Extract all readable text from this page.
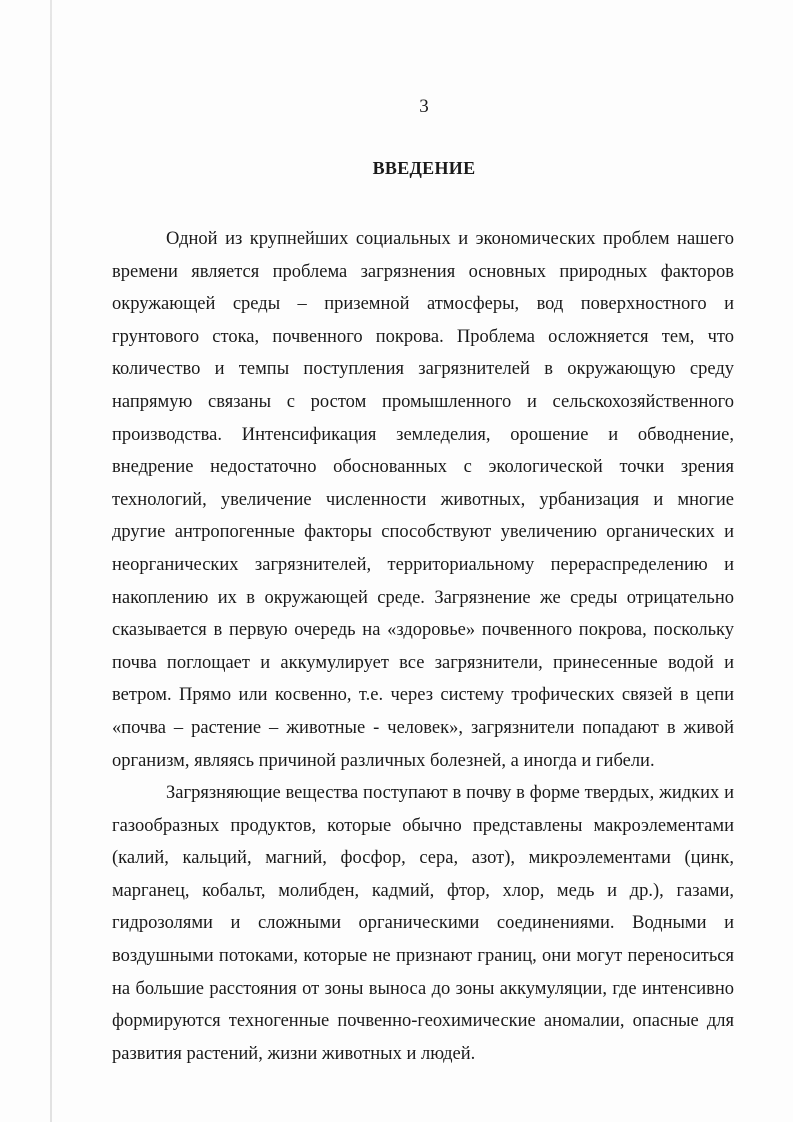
3
ВВЕДЕНИЕ

Одной из крупнейших социальных и экономических проблем нашего времени является проблема загрязнения основных природных факторов окружающей среды – приземной атмосферы, вод поверхностного и грунтового стока, почвенного покрова. Проблема осложняется тем, что количество и темпы поступления загрязнителей в окружающую среду напрямую связаны с ростом промышленного и сельскохозяйственного производства. Интенсификация земледелия, орошение и обводнение, внедрение недостаточно обоснованных с экологической точки зрения технологий, увеличение численности животных, урбанизация и многие другие антропогенные факторы способствуют увеличению органических и неорганических загрязнителей, территориальному перераспределению и накоплению их в окружающей среде. Загрязнение же среды отрицательно сказывается в первую очередь на «здоровье» почвенного покрова, поскольку почва поглощает и аккумулирует все загрязнители, принесенные водой и ветром. Прямо или косвенно, т.е. через систему трофических связей в цепи «почва – растение – животные - человек», загрязнители попадают в живой организм, являясь причиной различных болезней, а иногда и гибели.

Загрязняющие вещества поступают в почву в форме твердых, жидких и газообразных продуктов, которые обычно представлены макроэлементами (калий, кальций, магний, фосфор, сера, азот), микроэлементами (цинк, марганец, кобальт, молибден, кадмий, фтор, хлор, медь и др.), газами, гидрозолями и сложными органическими соединениями. Водными и воздушными потоками, которые не признают границ, они могут переноситься на большие расстояния от зоны выноса до зоны аккумуляции, где интенсивно формируются техногенные почвенно-геохимические аномалии, опасные для развития растений, жизни животных и людей.
